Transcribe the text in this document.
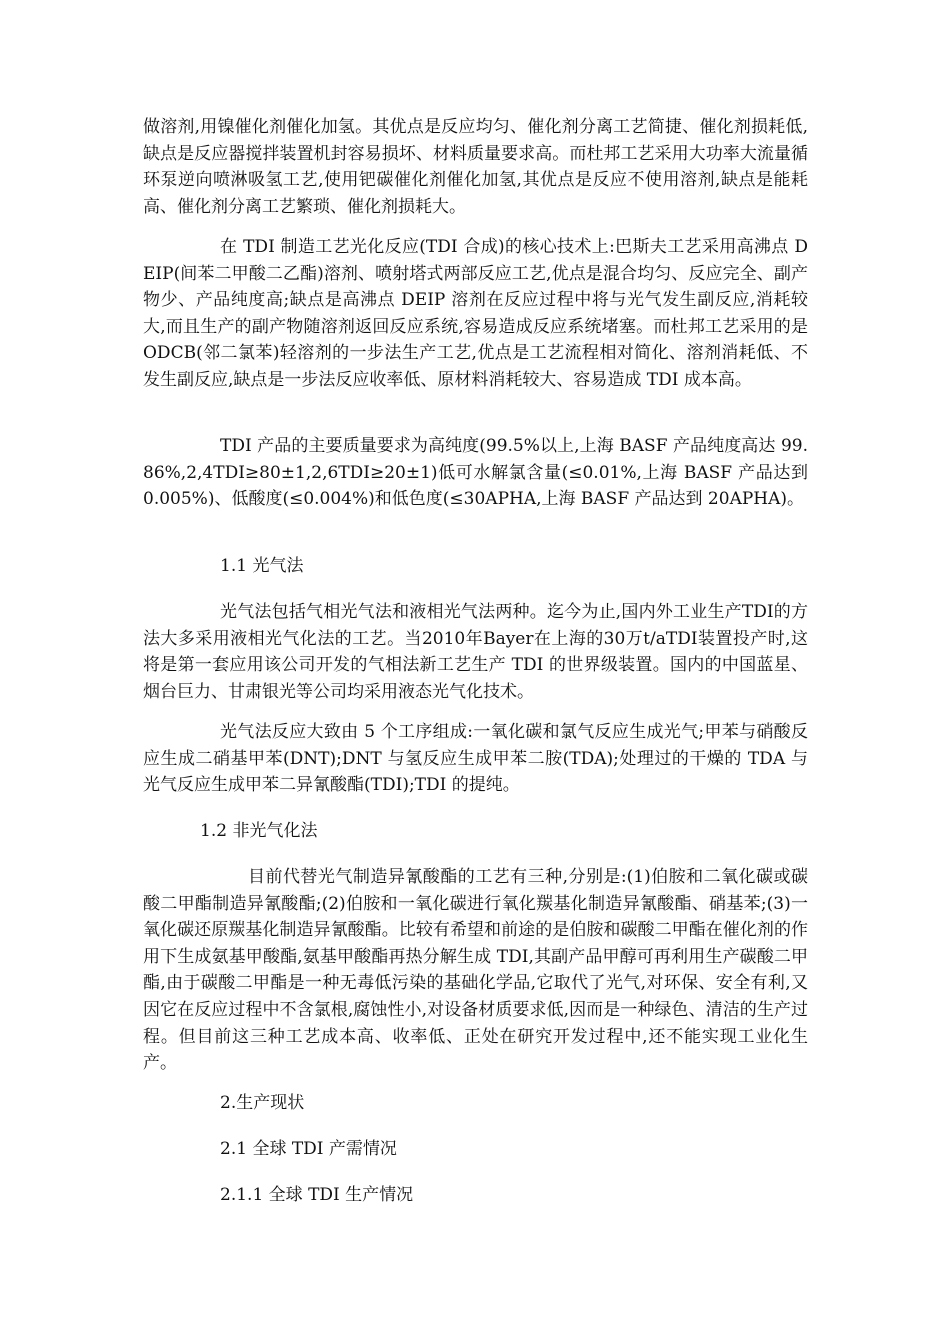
做溶剂,用镍催化剂催化加氢。其优点是反应均匀、催化剂分离工艺简捷、催化剂损耗低,缺点是反应器搅拌装置机封容易损坏、材料质量要求高。而杜邦工艺采用大功率大流量循环泵逆向喷淋吸氢工艺,使用钯碳催化剂催化加氢,其优点是反应不使用溶剂,缺点是能耗高、催化剂分离工艺繁琐、催化剂损耗大。

在 TDI 制造工艺光化反应(TDI 合成)的核心技术上:巴斯夫工艺采用高沸点 DEIP(间苯二甲酸二乙酯)溶剂、喷射塔式两部反应工艺,优点是混合均匀、反应完全、副产物少、产品纯度高;缺点是高沸点 DEIP 溶剂在反应过程中将与光气发生副反应,消耗较大,而且生产的副产物随溶剂返回反应系统,容易造成反应系统堵塞。而杜邦工艺采用的是 ODCB(邻二氯苯)轻溶剂的一步法生产工艺,优点是工艺流程相对简化、溶剂消耗低、不发生副反应,缺点是一步法反应收率低、原材料消耗较大、容易造成 TDI 成本高。

TDI 产品的主要质量要求为高纯度(99.5%以上,上海 BASF 产品纯度高达 99.86%,2,4TDI≥80±1,2,6TDI≥20±1)低可水解氯含量(≤0.01%,上海 BASF 产品达到 0.005%)、低酸度(≤0.004%)和低色度(≤30APHA,上海 BASF 产品达到 20APHA)。

1.1 光气法

光气法包括气相光气法和液相光气法两种。迄今为止,国内外工业生产TDI的方法大多采用液相光气化法的工艺。当2010年Bayer在上海的30万t/aTDI装置投产时,这将是第一套应用该公司开发的气相法新工艺生产 TDI 的世界级装置。国内的中国蓝星、烟台巨力、甘肃银光等公司均采用液态光气化技术。

光气法反应大致由 5 个工序组成:一氧化碳和氯气反应生成光气;甲苯与硝酸反应生成二硝基甲苯(DNT);DNT 与氢反应生成甲苯二胺(TDA);处理过的干燥的 TDA 与光气反应生成甲苯二异氰酸酯(TDI);TDI 的提纯。

1.2 非光气化法

目前代替光气制造异氰酸酯的工艺有三种,分别是:(1)伯胺和二氧化碳或碳酸二甲酯制造异氰酸酯;(2)伯胺和一氧化碳进行氧化羰基化制造异氰酸酯、硝基苯;(3)一氧化碳还原羰基化制造异氰酸酯。比较有希望和前途的是伯胺和碳酸二甲酯在催化剂的作用下生成氨基甲酸酯,氨基甲酸酯再热分解生成 TDI,其副产品甲醇可再利用生产碳酸二甲酯,由于碳酸二甲酯是一种无毒低污染的基础化学品,它取代了光气,对环保、安全有利,又因它在反应过程中不含氯根,腐蚀性小,对设备材质要求低,因而是一种绿色、清洁的生产过程。但目前这三种工艺成本高、收率低、正处在研究开发过程中,还不能实现工业化生产。

2.生产现状
2.1 全球 TDI 产需情况
2.1.1 全球 TDI 生产情况
